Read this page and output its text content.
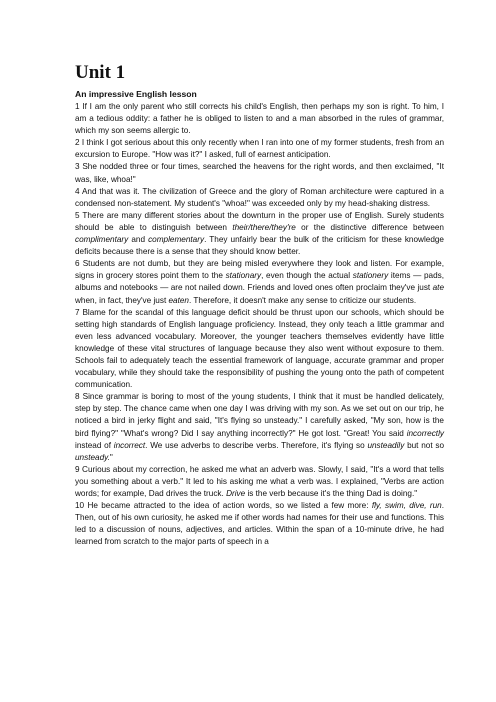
Unit 1
An impressive English lesson

1 If I am the only parent who still corrects his child's English, then perhaps my son is right. To him, I am a tedious oddity: a father he is obliged to listen to and a man absorbed in the rules of grammar, which my son seems allergic to.

2 I think I got serious about this only recently when I ran into one of my former students, fresh from an excursion to Europe. "How was it?" I asked, full of earnest anticipation.

3 She nodded three or four times, searched the heavens for the right words, and then exclaimed, "It was, like, whoa!"

4 And that was it. The civilization of Greece and the glory of Roman architecture were captured in a condensed non-statement. My student's "whoa!" was exceeded only by my head-shaking distress.

5 There are many different stories about the downturn in the proper use of English. Surely students should be able to distinguish between their/there/they're or the distinctive difference between complimentary and complementary. They unfairly bear the bulk of the criticism for these knowledge deficits because there is a sense that they should know better.

6 Students are not dumb, but they are being misled everywhere they look and listen. For example, signs in grocery stores point them to the stationary, even though the actual stationery items — pads, albums and notebooks — are not nailed down. Friends and loved ones often proclaim they've just ate when, in fact, they've just eaten. Therefore, it doesn't make any sense to criticize our students.

7 Blame for the scandal of this language deficit should be thrust upon our schools, which should be setting high standards of English language proficiency. Instead, they only teach a little grammar and even less advanced vocabulary. Moreover, the younger teachers themselves evidently have little knowledge of these vital structures of language because they also went without exposure to them. Schools fail to adequately teach the essential framework of language, accurate grammar and proper vocabulary, while they should take the responsibility of pushing the young onto the path of competent communication.

8 Since grammar is boring to most of the young students, I think that it must be handled delicately, step by step. The chance came when one day I was driving with my son. As we set out on our trip, he noticed a bird in jerky flight and said, "It's flying so unsteady." I carefully asked, "My son, how is the bird flying?" "What's wrong? Did I say anything incorrectly?" He got lost. "Great! You said incorrectly instead of incorrect. We use adverbs to describe verbs. Therefore, it's flying so unsteadily but not so unsteady."

9 Curious about my correction, he asked me what an adverb was. Slowly, I said, "It's a word that tells you something about a verb." It led to his asking me what a verb was. I explained, "Verbs are action words; for example, Dad drives the truck. Drive is the verb because it's the thing Dad is doing."

10 He became attracted to the idea of action words, so we listed a few more: fly, swim, dive, run. Then, out of his own curiosity, he asked me if other words had names for their use and functions. This led to a discussion of nouns, adjectives, and articles. Within the span of a 10-minute drive, he had learned from scratch to the major parts of speech in a
